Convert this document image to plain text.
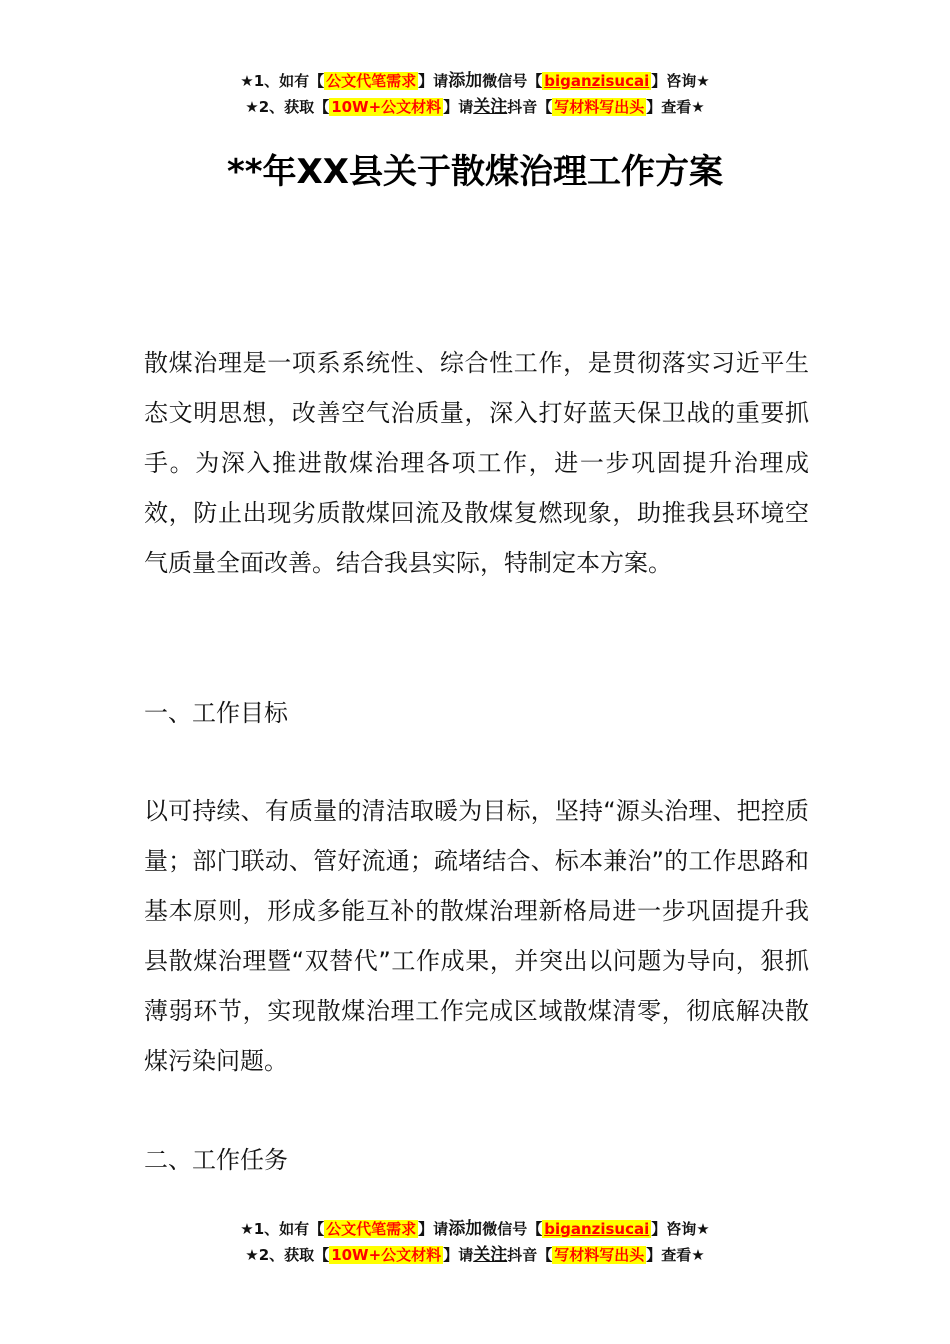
★1、如有【 公文代笔需求 】请添加微信号【 biganzisucai 】咨询★
★2、获取【 10W+公文材料 】请关注抖音【 写材料写出头 】查看★
**年XX县关于散煤治理工作方案

散煤治理是一项系系统性、综合性工作，是贯彻落实习近平生态文明思想，改善空气治质量，深入打好蓝天保卫战的重要抓手。为深入推进散煤治理各项工作，进一步巩固提升治理成效，防止出现劣质散煤回流及散煤复燃现象，助推我县环境空气质量全面改善。结合我县实际，特制定本方案。

一、工作目标

以可持续、有质量的清洁取暖为目标，坚持“源头治理、把控质量；部门联动、管好流通；疏堵结合、标本兼治”的工作思路和基本原则，形成多能互补的散煤治理新格局进一步巩固提升我县散煤治理暨“双替代”工作成果，并突出以问题为导向，狠抓薄弱环节，实现散煤治理工作完成区域散煤清零，彻底解决散煤污染问题。

二、工作任务

★1、如有【 公文代笔需求 】请添加微信号【 biganzisucai 】咨询★
★2、获取【 10W+公文材料 】请关注抖音【 写材料写出头 】查看★
